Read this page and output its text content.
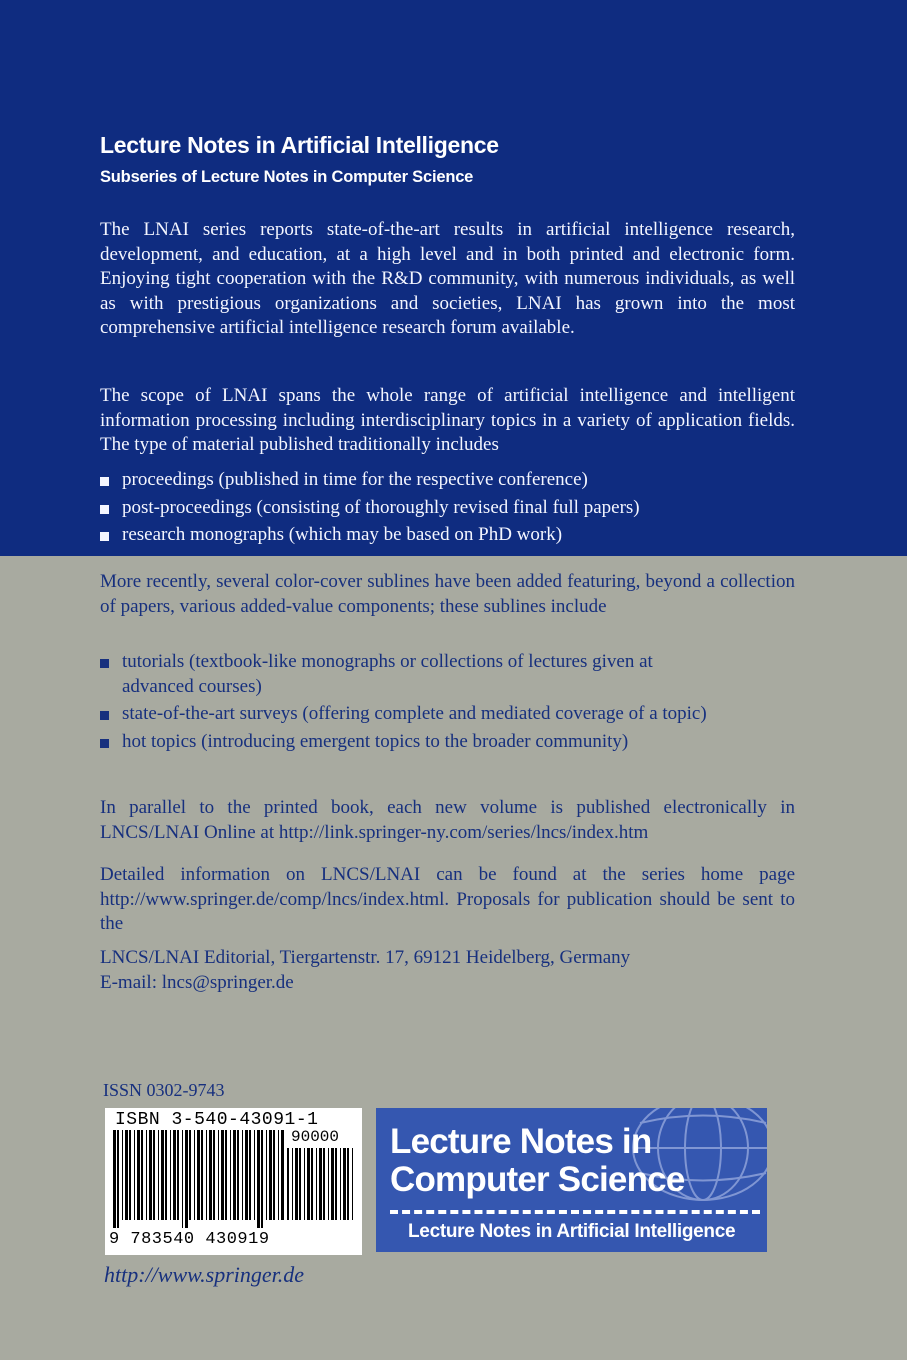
Lecture Notes in Artificial Intelligence
Subseries of Lecture Notes in Computer Science

The LNAI series reports state-of-the-art results in artificial intelligence research, development, and education, at a high level and in both printed and electronic form. Enjoying tight cooperation with the R&D community, with numerous individuals, as well as with prestigious organizations and societies, LNAI has grown into the most comprehensive artificial intelligence research forum available.

The scope of LNAI spans the whole range of artificial intelligence and intelligent information processing including interdisciplinary topics in a variety of application fields. The type of material published traditionally includes

proceedings (published in time for the respective conference)
post-proceedings (consisting of thoroughly revised final full papers)
research monographs (which may be based on PhD work)

More recently, several color-cover sublines have been added featuring, beyond a collection of papers, various added-value components; these sublines include

tutorials (textbook-like monographs or collections of lectures given at advanced courses)
state-of-the-art surveys (offering complete and mediated coverage of a topic)
hot topics (introducing emergent topics to the broader community)

In parallel to the printed book, each new volume is published electronically in LNCS/LNAI Online at http://link.springer-ny.com/series/lncs/index.htm

Detailed information on LNCS/LNAI can be found at the series home page http://www.springer.de/comp/lncs/index.html. Proposals for publication should be sent to the

LNCS/LNAI Editorial, Tiergartenstr. 17, 69121 Heidelberg, Germany
E-mail: lncs@springer.de
ISSN 0302-9743
ISBN 3-540-43091-1
90000
9 783540 430919
Lecture Notes in
Computer Science
Lecture Notes in Artificial Intelligence
http://www.springer.de
